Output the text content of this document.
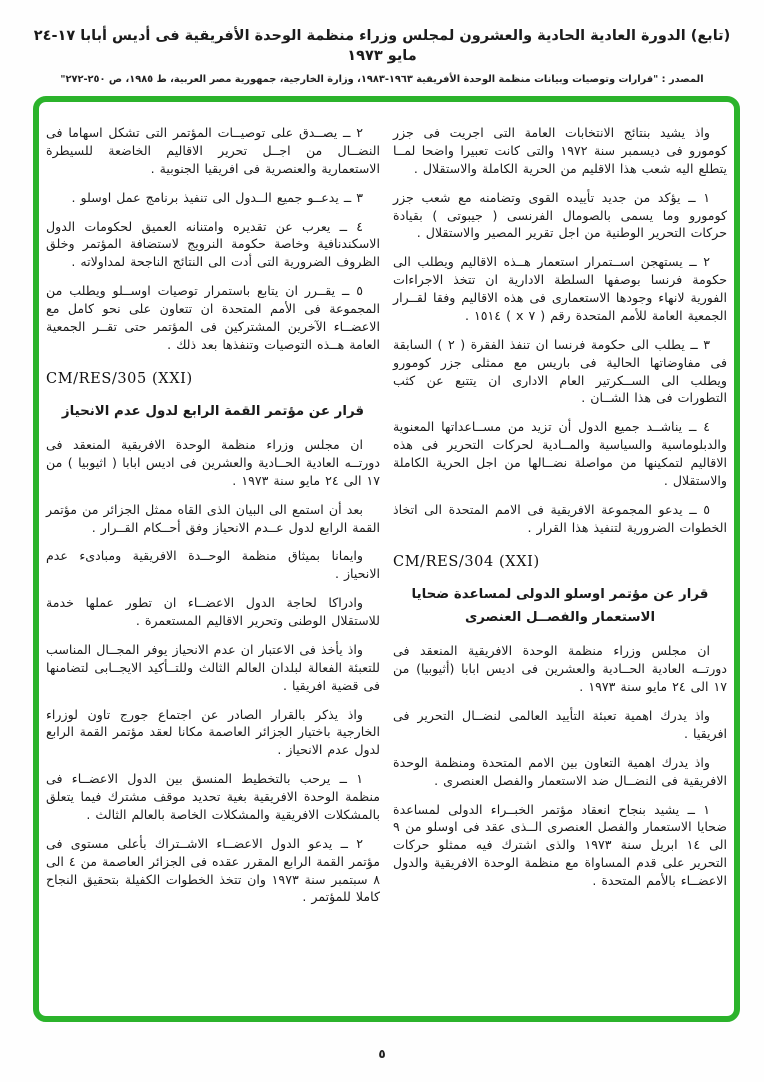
(تابع) الدورة العادية الحادية والعشرون لمجلس وزراء منظمة الوحدة الأفريقية فى أديس أبابا ١٧-٢٤ مايو ١٩٧٣
المصدر : "قرارات وتوصيات وبيانات منظمة الوحدة الأفريقية ١٩٦٣-١٩٨٣، وزارة الخارجية، جمهورية مصر العربية، ط ١٩٨٥، ص ٢٥٠-٢٧٢"

واذ يشيد بنتائج الانتخابات العامة التى اجريت فى جزر كومورو فى ديسمبر سنة ١٩٧٢ والتى كانت تعبيرا واضحا لمــا يتطلع اليه شعب هذا الاقليم من الحرية الكاملة والاستقلال .

١ ــ يؤكد من جديد تأييده القوى وتضامنه مع شعب جزر كومورو وما يسمى بالصومال الفرنسى ( جيبوتى ) بقيادة حركات التحرير الوطنية من اجل تقرير المصير والاستقلال .

٢ ــ يستهجن اســتمرار استعمار هــذه الاقاليم ويطلب الى حكومة فرنسا بوصفها السلطة الادارية ان تتخذ الاجراءات الفورية لانهاء وجودها الاستعمارى فى هذه الاقاليم وفقا لقــرار الجمعية العامة للأمم المتحدة رقم ( ٧ x ) ١٥١٤ .

٣ ــ يطلب الى حكومة فرنسا ان تنفذ الفقرة ( ٢ ) السابقة فى مفاوضاتها الحالية فى باريس مع ممثلى جزر كومورو ويطلب الى الســكرتير العام الادارى ان يتتبع عن كثب التطورات فى هذا الشــان .

٤ ــ يناشــد جميع الدول أن تزيد من مســاعداتها المعنوية والدبلوماسية والسياسية والمــادية لحركات التحرير فى هذه الاقاليم لتمكينها من مواصلة نضــالها من اجل الحرية الكاملة والاستقلال .

٥ ــ يدعو المجموعة الافريقية فى الامم المتحدة الى اتخاذ الخطوات الضرورية لتنفيذ هذا القرار .

CM/RES/304 (XXI)
قرار عن مؤتمر اوسلو الدولى لمساعدة ضحايا الاستعمار والفصــل العنصرى

ان مجلس وزراء منظمة الوحدة الافريقية المنعقد فى دورتــه العادية الحــادية والعشرين فى اديس ابابا (أثيوبيا) من ١٧ الى ٢٤ مايو سنة ١٩٧٣ .

واذ يدرك اهمية تعبئة التأييد العالمى لنضــال التحرير فى افريقيا .

واذ يدرك اهمية التعاون بين الامم المتحدة ومنظمة الوحدة الافريقية فى النضــال ضد الاستعمار والفصل العنصرى .

١ ــ يشيد بنجاح انعقاد مؤتمر الخبــراء الدولى لمساعدة ضحايا الاستعمار والفصل العنصرى الــذى عقد فى اوسلو من ٩ الى ١٤ ابريل سنة ١٩٧٣ والذى اشترك فيه ممثلو حركات التحرير على قدم المساواة مع منظمة الوحدة الافريقية والدول الاعضــاء بالأمم المتحدة .

٢ ــ يصــدق على توصيــات المؤتمر التى تشكل اسهاما فى النضــال من اجــل تحرير الاقاليم الخاضعة للسيطرة الاستعمارية والعنصرية فى افريقيا الجنوبية .

٣ ــ يدعــو جميع الــدول الى تنفيذ برنامج عمل اوسلو .

٤ ــ يعرب عن تقديره وامتنانه العميق لحكومات الدول الاسكندنافية وخاصة حكومة النرويج لاستضافة المؤتمر وخلق الظروف الضرورية التى أدت الى النتائج الناجحة لمداولاته .

٥ ــ يقــرر ان يتابع باستمرار توصيات اوســلو ويطلب من المجموعة فى الأمم المتحدة ان تتعاون على نحو كامل مع الاعضــاء الآخرين المشتركين فى المؤتمر حتى تقــر الجمعية العامة هــذه التوصيات وتنفذها بعد ذلك .

CM/RES/305 (XXI)
قرار عن مؤتمر القمة الرابع لدول عدم الانحياز

ان مجلس وزراء منظمة الوحدة الافريقية المنعقد فى دورتــه العادية الحــادية والعشرين فى اديس ابابا ( اثيوبيا ) من ١٧ الى ٢٤ مايو سنة ١٩٧٣ .

بعد أن استمع الى البيان الذى القاه ممثل الجزائر من مؤتمر القمة الرابع لدول عــدم الانحياز وفق أحــكام القــرار .

وايمانا بميثاق منظمة الوحــدة الافريقية ومبادىء عدم الانحياز .

وادراكا لحاجة الدول الاعضــاء ان تطور عملها خدمة للاستقلال الوطنى وتحرير الاقاليم المستعمرة .

واذ يأخذ فى الاعتبار ان عدم الانحياز يوفر المجــال المناسب للتعبئة الفعالة لبلدان العالم الثالث وللتــأكيد الايجــابى لتضامنها فى قضية افريقيا .

واذ يذكر بالقرار الصادر عن اجتماع جورج تاون لوزراء الخارجية باختيار الجزائر العاصمة مكانا لعقد مؤتمر القمة الرابع لدول عدم الانحياز .

١ ــ يرحب بالتخطيط المنسق بين الدول الاعضــاء فى منظمة الوحدة الافريقية بغية تحديد موقف مشترك فيما يتعلق بالمشكلات الافريقية والمشكلات الخاصة بالعالم الثالث .

٢ ــ يدعو الدول الاعضــاء الاشــتراك بأعلى مستوى فى مؤتمر القمة الرابع المقرر عقده فى الجزائر العاصمة من ٤ الى ٨ سبتمبر سنة ١٩٧٣ وان تتخذ الخطوات الكفيلة بتحقيق النجاح كاملا للمؤتمر .

٥
